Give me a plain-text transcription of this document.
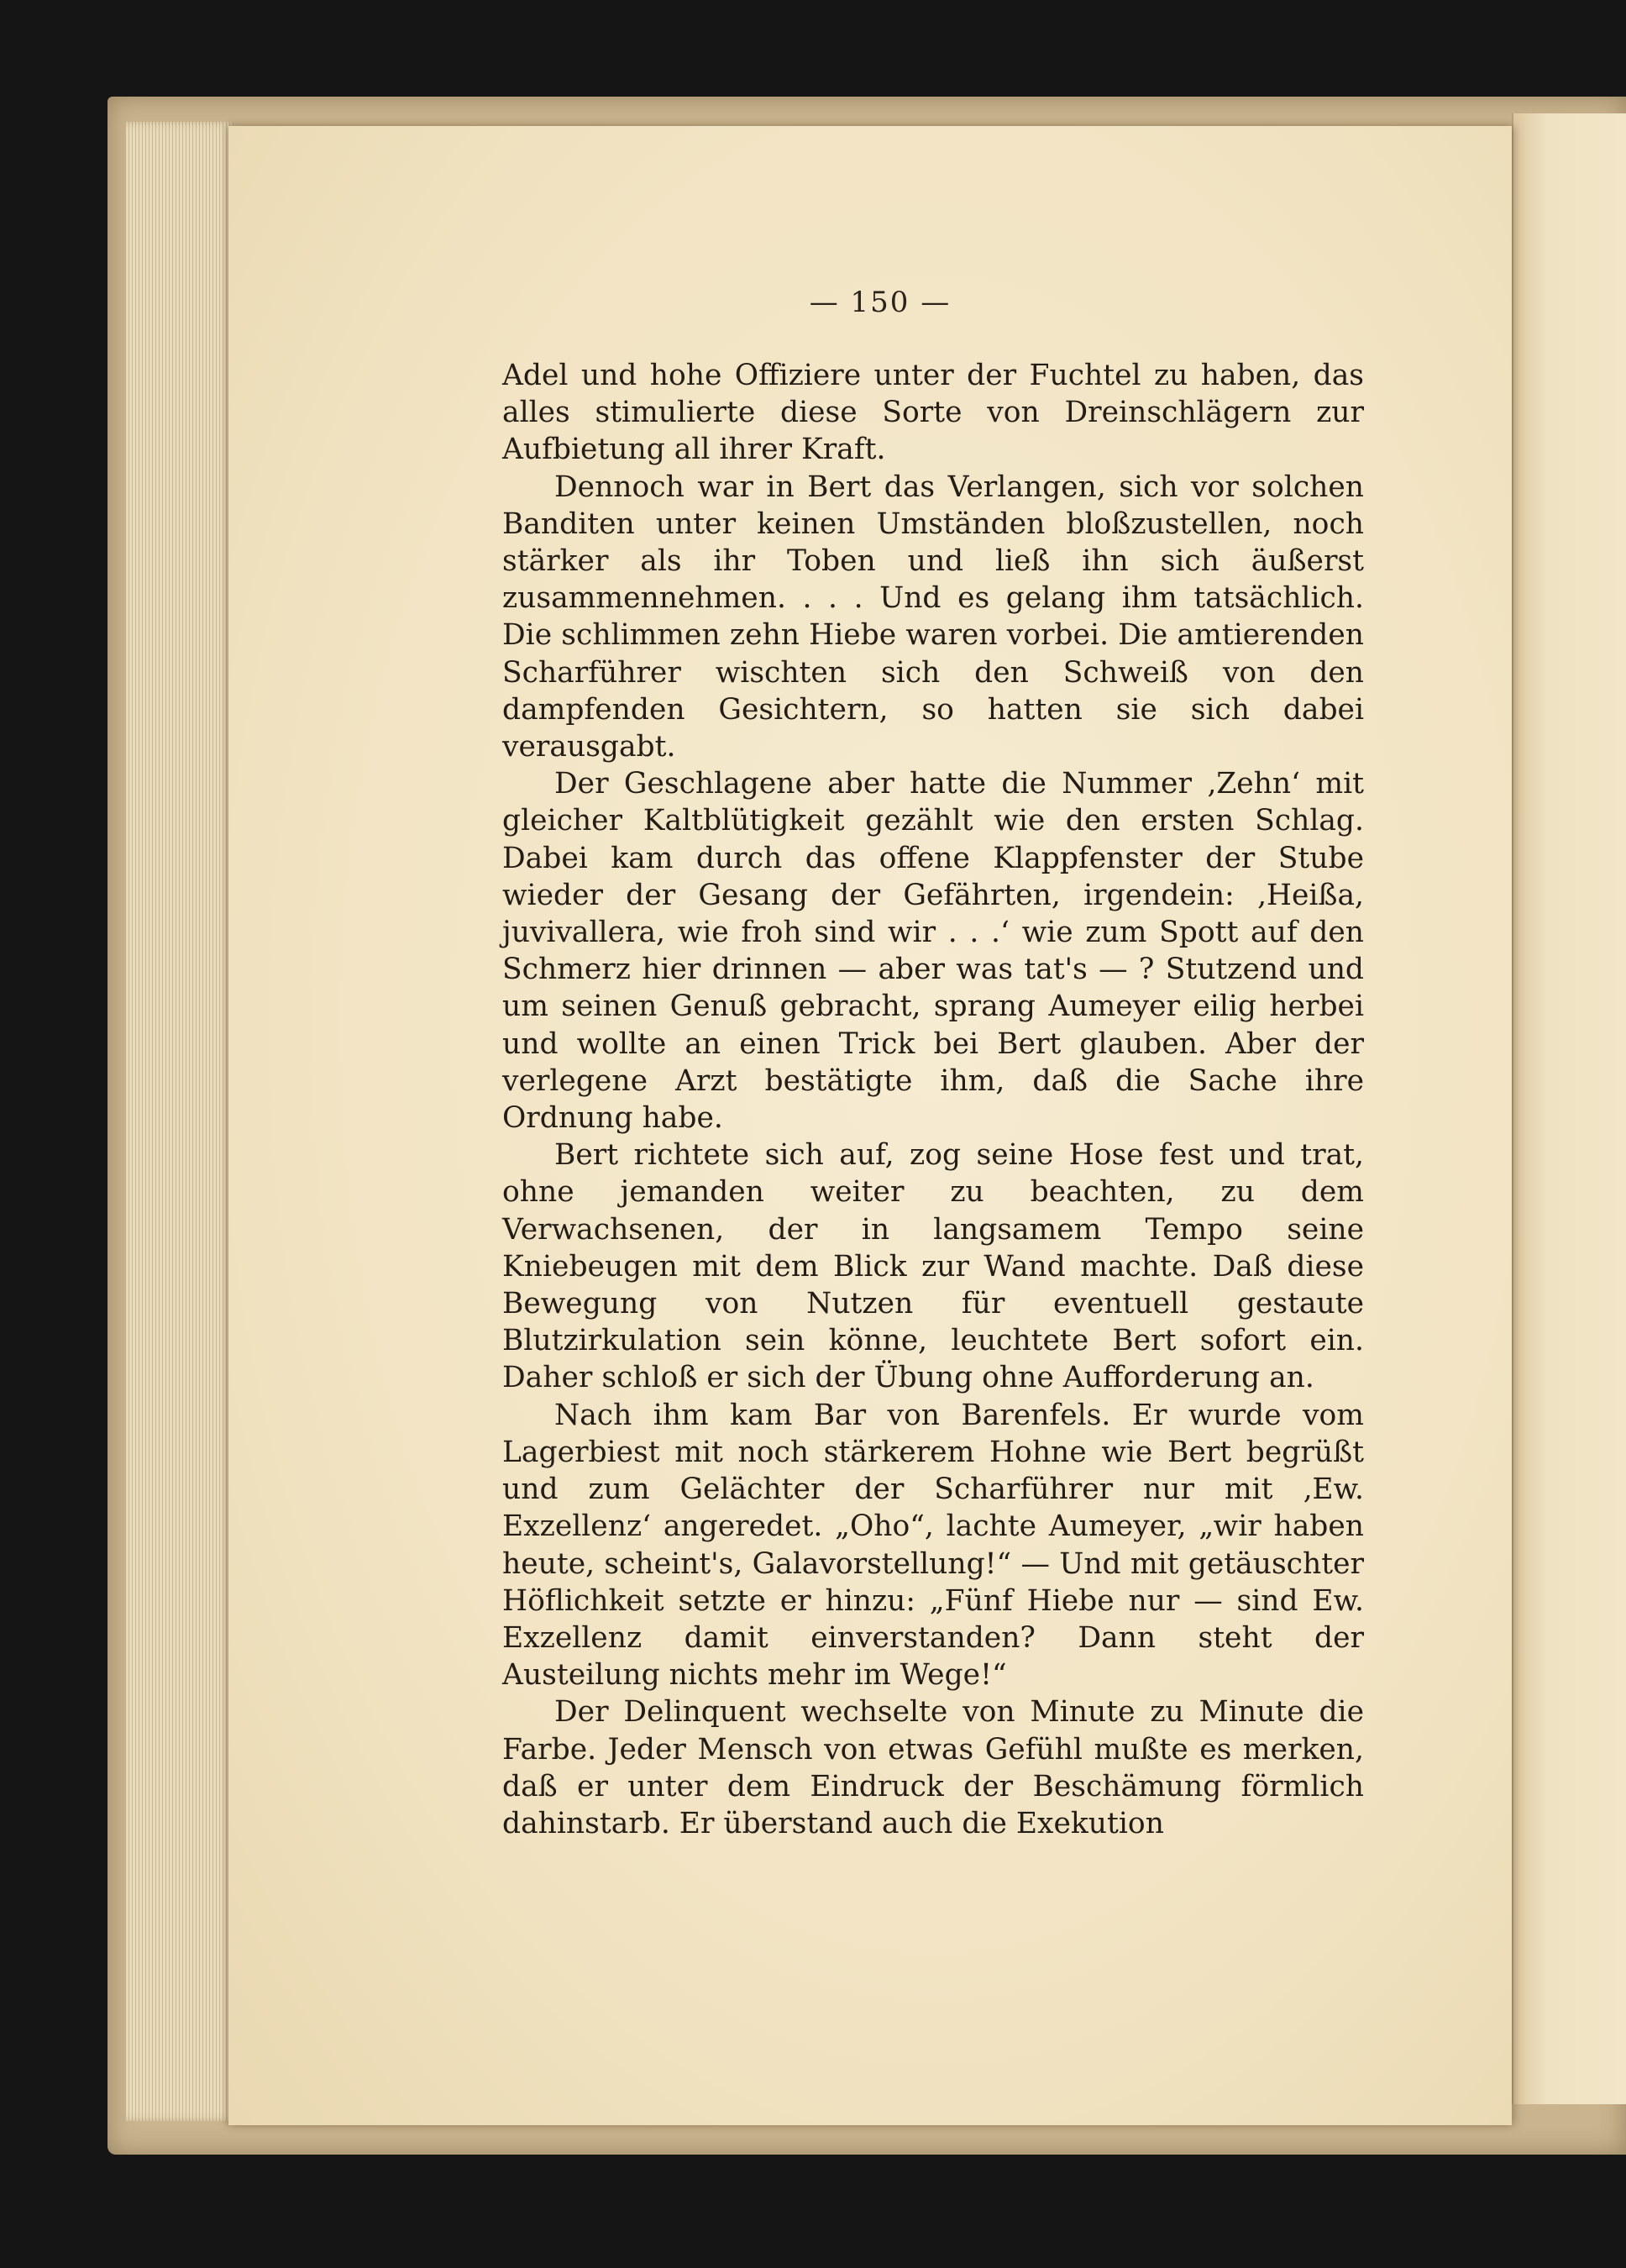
— 150 —

Adel und hohe Offiziere unter der Fuchtel zu haben, das alles stimulierte diese Sorte von Dreinschlägern zur Aufbietung all ihrer Kraft.

Dennoch war in Bert das Verlangen, sich vor solchen Banditen unter keinen Umständen bloßzustellen, noch stärker als ihr Toben und ließ ihn sich äußerst zusammennehmen. . . . Und es gelang ihm tatsächlich. Die schlimmen zehn Hiebe waren vorbei. Die amtierenden Scharführer wischten sich den Schweiß von den dampfenden Gesichtern, so hatten sie sich dabei verausgabt.

Der Geschlagene aber hatte die Nummer ‚Zehn‘ mit gleicher Kaltblütigkeit gezählt wie den ersten Schlag. Dabei kam durch das offene Klappfenster der Stube wieder der Gesang der Gefährten, irgendein: ‚Heißa, juvivallera, wie froh sind wir . . .‘ wie zum Spott auf den Schmerz hier drinnen — aber was tat's — ? Stutzend und um seinen Genuß gebracht, sprang Aumeyer eilig herbei und wollte an einen Trick bei Bert glauben. Aber der verlegene Arzt bestätigte ihm, daß die Sache ihre Ordnung habe.

Bert richtete sich auf, zog seine Hose fest und trat, ohne jemanden weiter zu beachten, zu dem Verwachsenen, der in langsamem Tempo seine Kniebeugen mit dem Blick zur Wand machte. Daß diese Bewegung von Nutzen für eventuell gestaute Blutzirkulation sein könne, leuchtete Bert sofort ein. Daher schloß er sich der Übung ohne Aufforderung an.

Nach ihm kam Bar von Barenfels. Er wurde vom Lagerbiest mit noch stärkerem Hohne wie Bert begrüßt und zum Gelächter der Scharführer nur mit ‚Ew. Exzellenz‘ angeredet. „Oho“, lachte Aumeyer, „wir haben heute, scheint's, Galavorstellung!“ — Und mit getäuschter Höflichkeit setzte er hinzu: „Fünf Hiebe nur — sind Ew. Exzellenz damit einverstanden? Dann steht der Austeilung nichts mehr im Wege!“

Der Delinquent wechselte von Minute zu Minute die Farbe. Jeder Mensch von etwas Gefühl mußte es merken, daß er unter dem Eindruck der Beschämung förmlich dahinstarb. Er überstand auch die Exekution
